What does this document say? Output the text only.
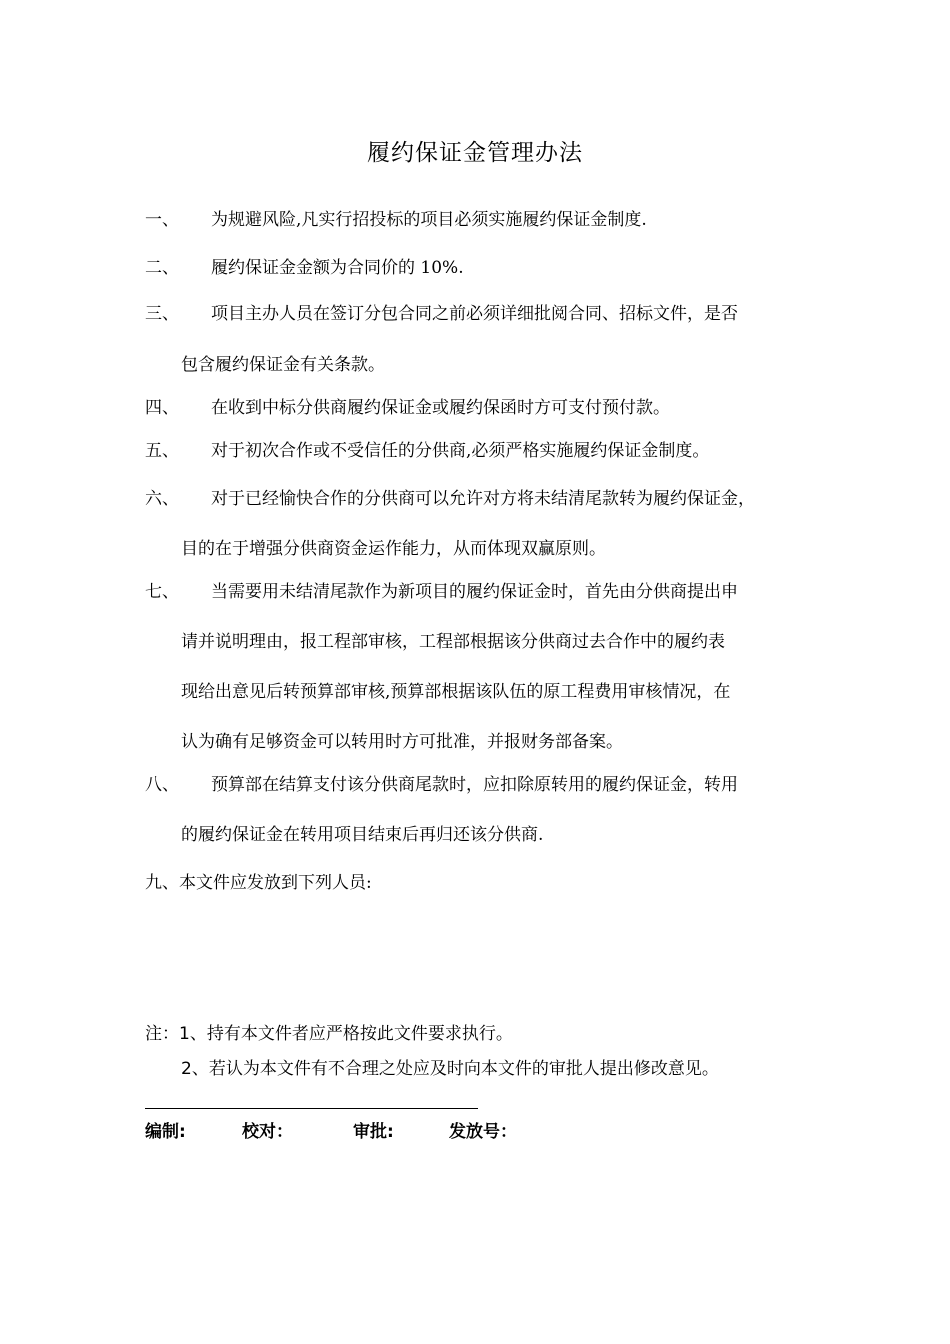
履约保证金管理办法
一、 为规避风险,凡实行招投标的项目必须实施履约保证金制度.
二、 履约保证金金额为合同价的 10%.
三、 项目主办人员在签订分包合同之前必须详细批阅合同、招标文件，是否
包含履约保证金有关条款。
四、 在收到中标分供商履约保证金或履约保函时方可支付预付款。
五、 对于初次合作或不受信任的分供商,必须严格实施履约保证金制度。
六、 对于已经愉快合作的分供商可以允许对方将未结清尾款转为履约保证金，
目的在于增强分供商资金运作能力，从而体现双赢原则。
七、 当需要用未结清尾款作为新项目的履约保证金时，首先由分供商提出申
请并说明理由，报工程部审核，工程部根据该分供商过去合作中的履约表
现给出意见后转预算部审核,预算部根据该队伍的原工程费用审核情况，在
认为确有足够资金可以转用时方可批准，并报财务部备案。
八、 预算部在结算支付该分供商尾款时，应扣除原转用的履约保证金，转用
的履约保证金在转用项目结束后再归还该分供商.
九、本文件应发放到下列人员:
注：1、持有本文件者应严格按此文件要求执行。
2、若认为本文件有不合理之处应及时向本文件的审批人提出修改意见。
编制:	校对：	审批:	发放号：
